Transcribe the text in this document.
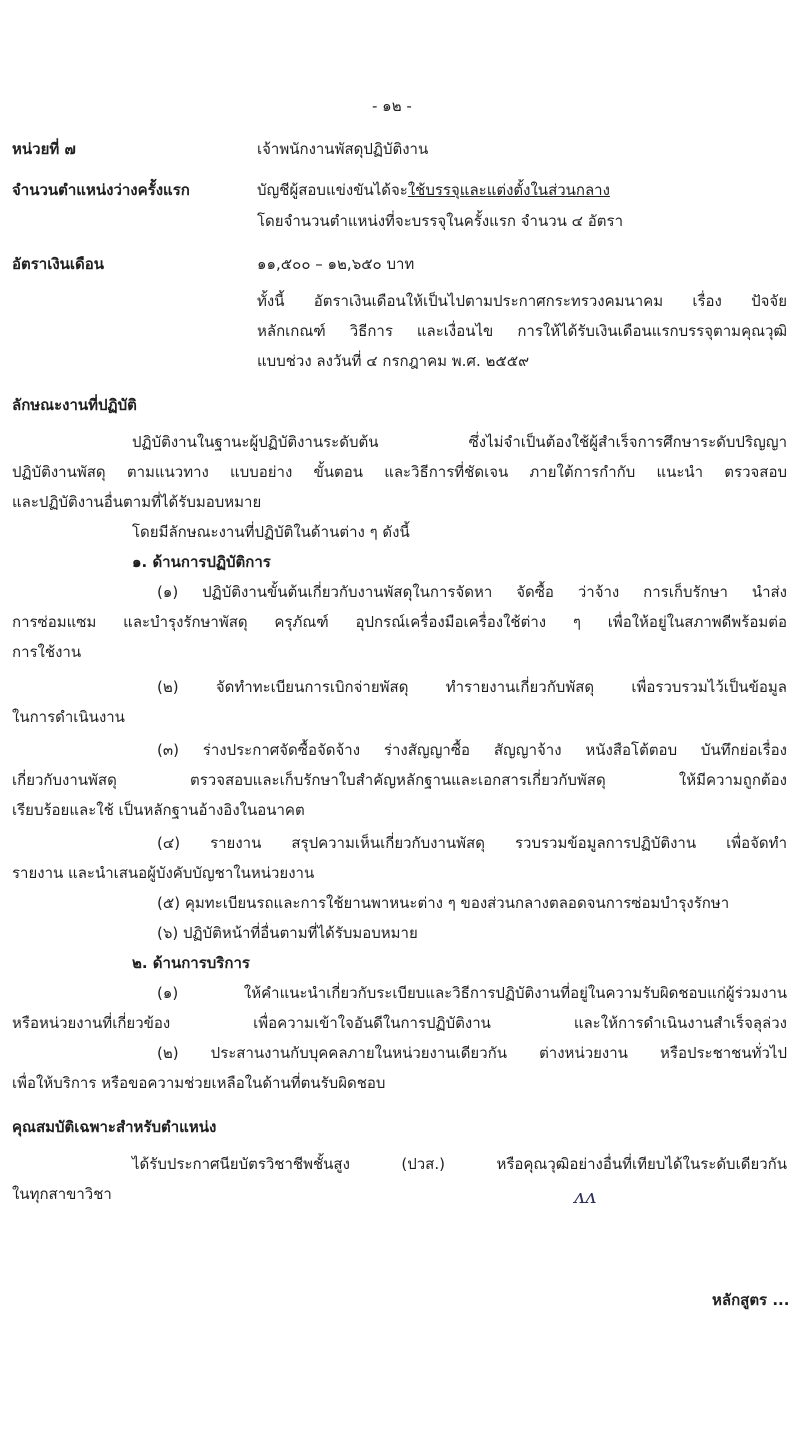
- ๑๒ -
หน่วยที่ ๗	เจ้าพนักงานพัสดุปฏิบัติงาน
จำนวนตำแหน่งว่างครั้งแรก	บัญชีผู้สอบแข่งขันได้จะใช้บรรจุและแต่งตั้งในส่วนกลาง
โดยจำนวนตำแหน่งที่จะบรรจุในครั้งแรก จำนวน ๔ อัตรา
อัตราเงินเดือน	๑๑,๕๐๐ – ๑๒,๖๕๐ บาท
ทั้งนี้ อัตราเงินเดือนให้เป็นไปตามประกาศกระทรวงคมนาคม เรื่อง ปัจจัย
หลักเกณฑ์ วิธีการ และเงื่อนไข การให้ได้รับเงินเดือนแรกบรรจุตามคุณวุฒิ
แบบช่วง ลงวันที่ ๔ กรกฎาคม พ.ศ. ๒๕๕๙
ลักษณะงานที่ปฏิบัติ
ปฏิบัติงานในฐานะผู้ปฏิบัติงานระดับต้น ซึ่งไม่จำเป็นต้องใช้ผู้สำเร็จการศึกษาระดับปริญญา
ปฏิบัติงานพัสดุ ตามแนวทาง แบบอย่าง ขั้นตอน และวิธีการที่ชัดเจน ภายใต้การกำกับ แนะนำ ตรวจสอบ
และปฏิบัติงานอื่นตามที่ได้รับมอบหมาย
โดยมีลักษณะงานที่ปฏิบัติในด้านต่าง ๆ ดังนี้
๑. ด้านการปฏิบัติการ
(๑) ปฏิบัติงานขั้นต้นเกี่ยวกับงานพัสดุในการจัดหา จัดซื้อ ว่าจ้าง การเก็บรักษา นำส่ง
การซ่อมแซม และบำรุงรักษาพัสดุ ครุภัณฑ์ อุปกรณ์เครื่องมือเครื่องใช้ต่าง ๆ เพื่อให้อยู่ในสภาพดีพร้อมต่อ
การใช้งาน
(๒) จัดทำทะเบียนการเบิกจ่ายพัสดุ ทำรายงานเกี่ยวกับพัสดุ เพื่อรวบรวมไว้เป็นข้อมูล
ในการดำเนินงาน
(๓) ร่างประกาศจัดซื้อจัดจ้าง ร่างสัญญาซื้อ สัญญาจ้าง หนังสือโต้ตอบ บันทึกย่อเรื่อง
เกี่ยวกับงานพัสดุ ตรวจสอบและเก็บรักษาใบสำคัญหลักฐานและเอกสารเกี่ยวกับพัสดุ ให้มีความถูกต้อง
เรียบร้อยและใช้ เป็นหลักฐานอ้างอิงในอนาคต
(๔) รายงาน สรุปความเห็นเกี่ยวกับงานพัสดุ รวบรวมข้อมูลการปฏิบัติงาน เพื่อจัดทำ
รายงาน และนำเสนอผู้บังคับบัญชาในหน่วยงาน
(๕) คุมทะเบียนรถและการใช้ยานพาหนะต่าง ๆ ของส่วนกลางตลอดจนการซ่อมบำรุงรักษา
(๖) ปฏิบัติหน้าที่อื่นตามที่ได้รับมอบหมาย
๒. ด้านการบริการ
(๑) ให้คำแนะนำเกี่ยวกับระเบียบและวิธีการปฏิบัติงานที่อยู่ในความรับผิดชอบแก่ผู้ร่วมงาน
หรือหน่วยงานที่เกี่ยวข้อง เพื่อความเข้าใจอันดีในการปฏิบัติงาน และให้การดำเนินงานสำเร็จลุล่วง
(๒) ประสานงานกับบุคคลภายในหน่วยงานเดียวกัน ต่างหน่วยงาน หรือประชาชนทั่วไป
เพื่อให้บริการ หรือขอความช่วยเหลือในด้านที่ตนรับผิดชอบ
คุณสมบัติเฉพาะสำหรับตำแหน่ง
ได้รับประกาศนียบัตรวิชาชีพชั้นสูง (ปวส.) หรือคุณวุฒิอย่างอื่นที่เทียบได้ในระดับเดียวกัน
ในทุกสาขาวิชา	ᴧᴧ
หลักสูตร ...
